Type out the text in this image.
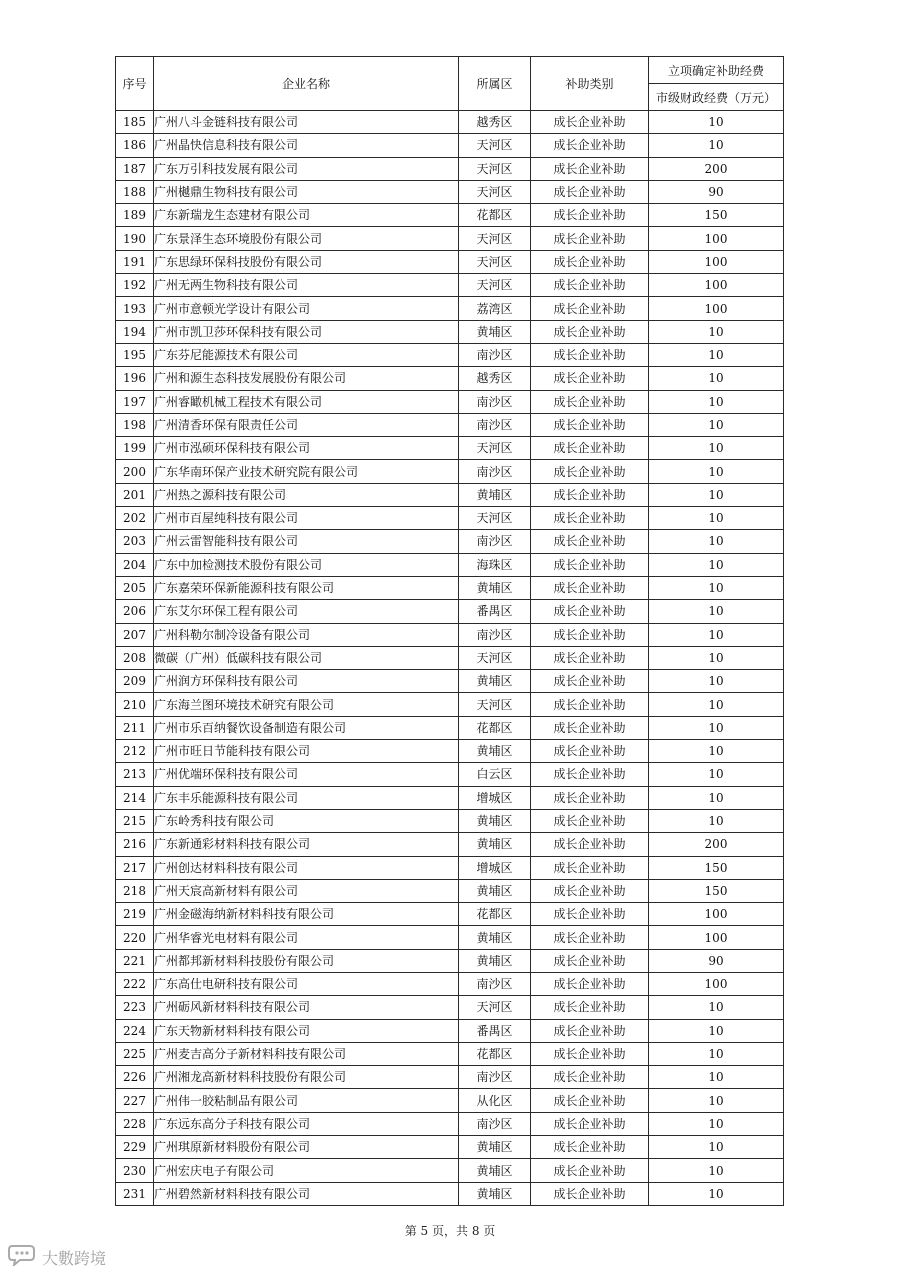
序号	企业名称	所属区	补助类别	立项确定补助经费
				市级财政经费（万元）
185	广州八斗金链科技有限公司	越秀区	成长企业补助	10
186	广州晶快信息科技有限公司	天河区	成长企业补助	10
187	广东万引科技发展有限公司	天河区	成长企业补助	200
188	广州樾鼎生物科技有限公司	天河区	成长企业补助	90
189	广东新瑞龙生态建材有限公司	花都区	成长企业补助	150
190	广东景泽生态环境股份有限公司	天河区	成长企业补助	100
191	广东思绿环保科技股份有限公司	天河区	成长企业补助	100
192	广州无两生物科技有限公司	天河区	成长企业补助	100
193	广州市意顿光学设计有限公司	荔湾区	成长企业补助	100
194	广州市凯卫莎环保科技有限公司	黄埔区	成长企业补助	10
195	广东芬尼能源技术有限公司	南沙区	成长企业补助	10
196	广州和源生态科技发展股份有限公司	越秀区	成长企业补助	10
197	广州睿瞰机械工程技术有限公司	南沙区	成长企业补助	10
198	广州清香环保有限责任公司	南沙区	成长企业补助	10
199	广州市泓硕环保科技有限公司	天河区	成长企业补助	10
200	广东华南环保产业技术研究院有限公司	南沙区	成长企业补助	10
201	广州热之源科技有限公司	黄埔区	成长企业补助	10
202	广州市百屋纯科技有限公司	天河区	成长企业补助	10
203	广州云雷智能科技有限公司	南沙区	成长企业补助	10
204	广东中加检测技术股份有限公司	海珠区	成长企业补助	10
205	广东嘉荣环保新能源科技有限公司	黄埔区	成长企业补助	10
206	广东艾尔环保工程有限公司	番禺区	成长企业补助	10
207	广州科勒尔制冷设备有限公司	南沙区	成长企业补助	10
208	微碳（广州）低碳科技有限公司	天河区	成长企业补助	10
209	广州润方环保科技有限公司	黄埔区	成长企业补助	10
210	广东海兰图环境技术研究有限公司	天河区	成长企业补助	10
211	广州市乐百纳餐饮设备制造有限公司	花都区	成长企业补助	10
212	广州市旺日节能科技有限公司	黄埔区	成长企业补助	10
213	广州优端环保科技有限公司	白云区	成长企业补助	10
214	广东丰乐能源科技有限公司	增城区	成长企业补助	10
215	广东岭秀科技有限公司	黄埔区	成长企业补助	10
216	广东新通彩材料科技有限公司	黄埔区	成长企业补助	200
217	广州创达材料科技有限公司	增城区	成长企业补助	150
218	广州天宸高新材料有限公司	黄埔区	成长企业补助	150
219	广州金磁海纳新材料科技有限公司	花都区	成长企业补助	100
220	广州华睿光电材料有限公司	黄埔区	成长企业补助	100
221	广州都邦新材料科技股份有限公司	黄埔区	成长企业补助	90
222	广东高仕电研科技有限公司	南沙区	成长企业补助	100
223	广州砺风新材料科技有限公司	天河区	成长企业补助	10
224	广东天物新材料科技有限公司	番禺区	成长企业补助	10
225	广州麦吉高分子新材料科技有限公司	花都区	成长企业补助	10
226	广州湘龙高新材料科技股份有限公司	南沙区	成长企业补助	10
227	广州伟一胶粘制品有限公司	从化区	成长企业补助	10
228	广东远东高分子科技有限公司	南沙区	成长企业补助	10
229	广州琪原新材料股份有限公司	黄埔区	成长企业补助	10
230	广州宏庆电子有限公司	黄埔区	成长企业补助	10
231	广州碧然新材料科技有限公司	黄埔区	成长企业补助	10
第 5 页，共 8 页
大數跨境
